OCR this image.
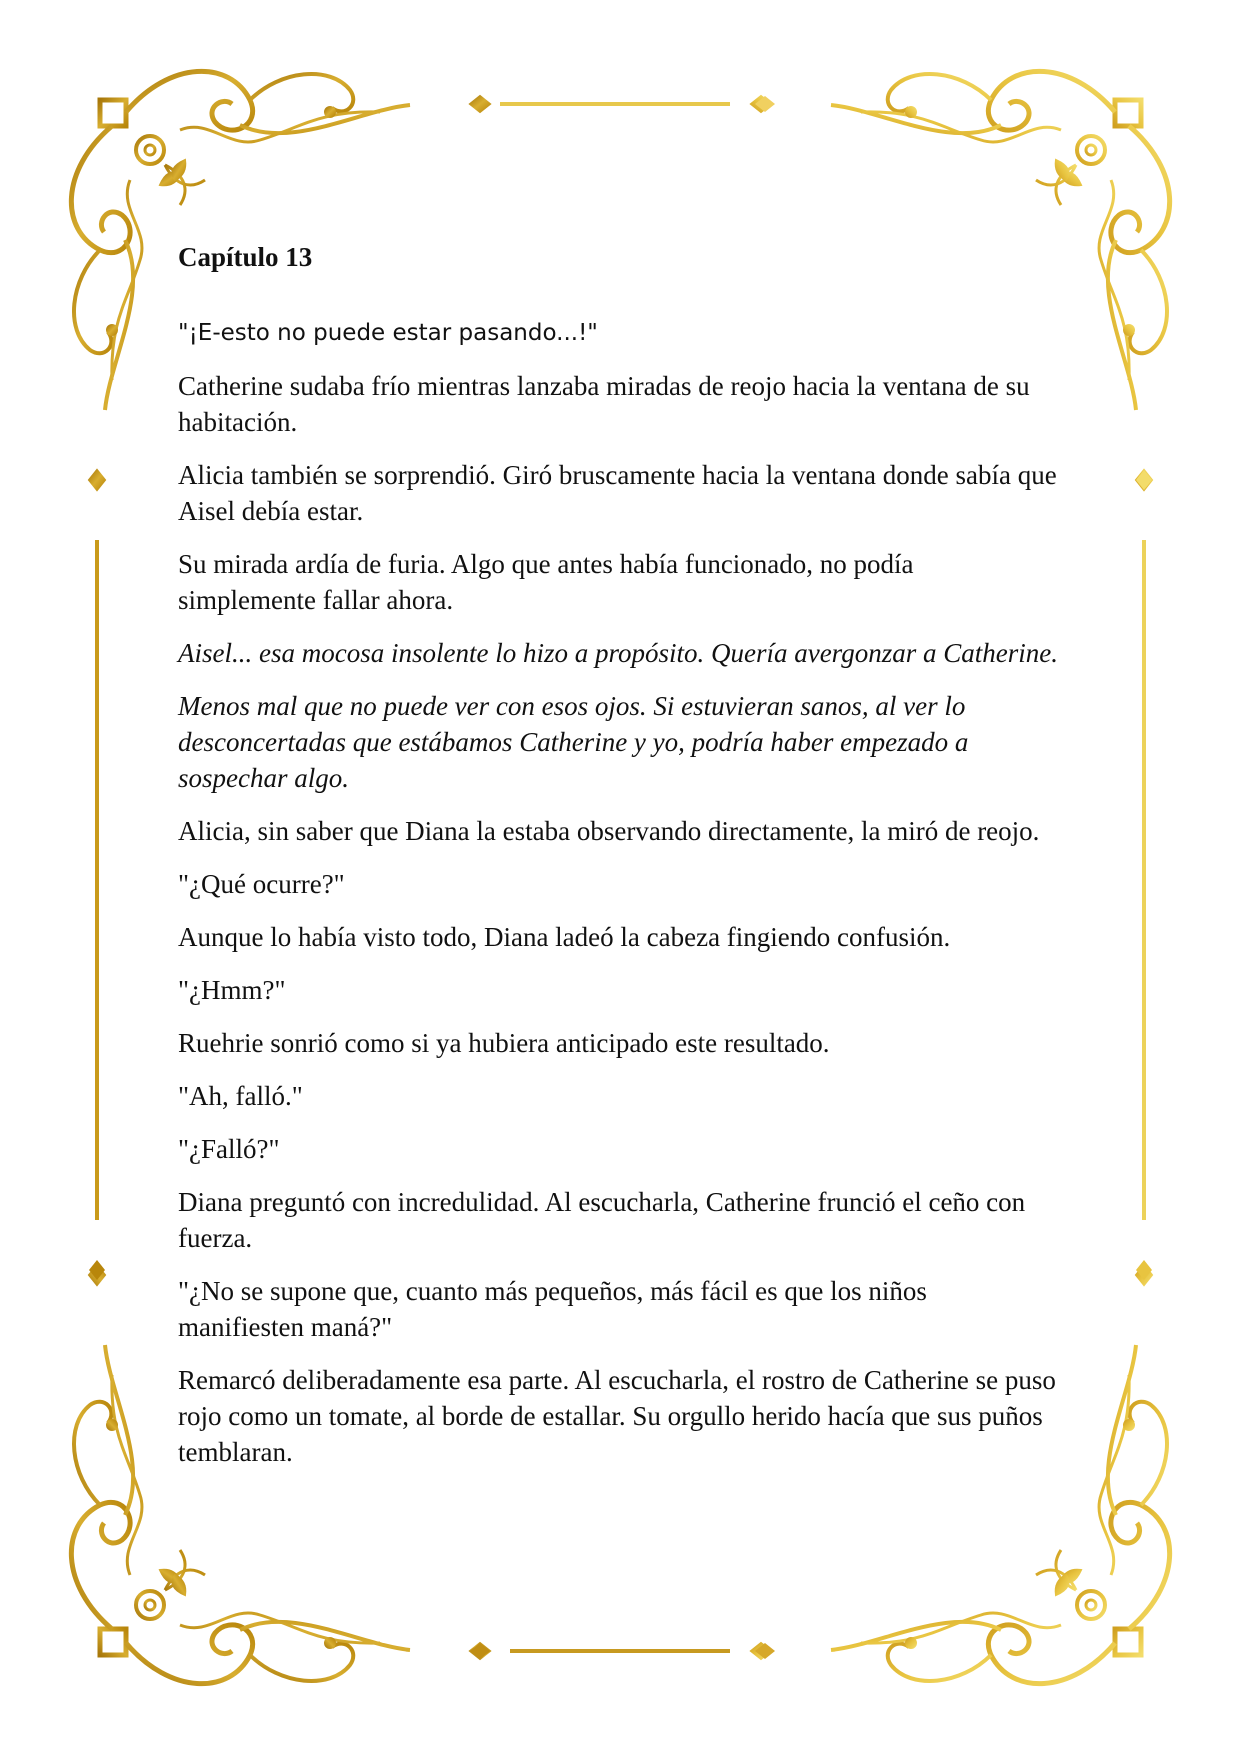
Capítulo 13

"¡E-esto no puede estar pasando...!"

Catherine sudaba frío mientras lanzaba miradas de reojo hacia la ventana de su habitación.

Alicia también se sorprendió. Giró bruscamente hacia la ventana donde sabía que Aisel debía estar.

Su mirada ardía de furia. Algo que antes había funcionado, no podía simplemente fallar ahora.

Aisel... esa mocosa insolente lo hizo a propósito. Quería avergonzar a Catherine.

Menos mal que no puede ver con esos ojos. Si estuvieran sanos, al ver lo desconcertadas que estábamos Catherine y yo, podría haber empezado a sospechar algo.

Alicia, sin saber que Diana la estaba observando directamente, la miró de reojo.

"¿Qué ocurre?"

Aunque lo había visto todo, Diana ladeó la cabeza fingiendo confusión.

"¿Hmm?"

Ruehrie sonrió como si ya hubiera anticipado este resultado.

"Ah, falló."

"¿Falló?"

Diana preguntó con incredulidad. Al escucharla, Catherine frunció el ceño con fuerza.

"¿No se supone que, cuanto más pequeños, más fácil es que los niños manifiesten maná?"

Remarcó deliberadamente esa parte. Al escucharla, el rostro de Catherine se puso rojo como un tomate, al borde de estallar. Su orgullo herido hacía que sus puños temblaran.
